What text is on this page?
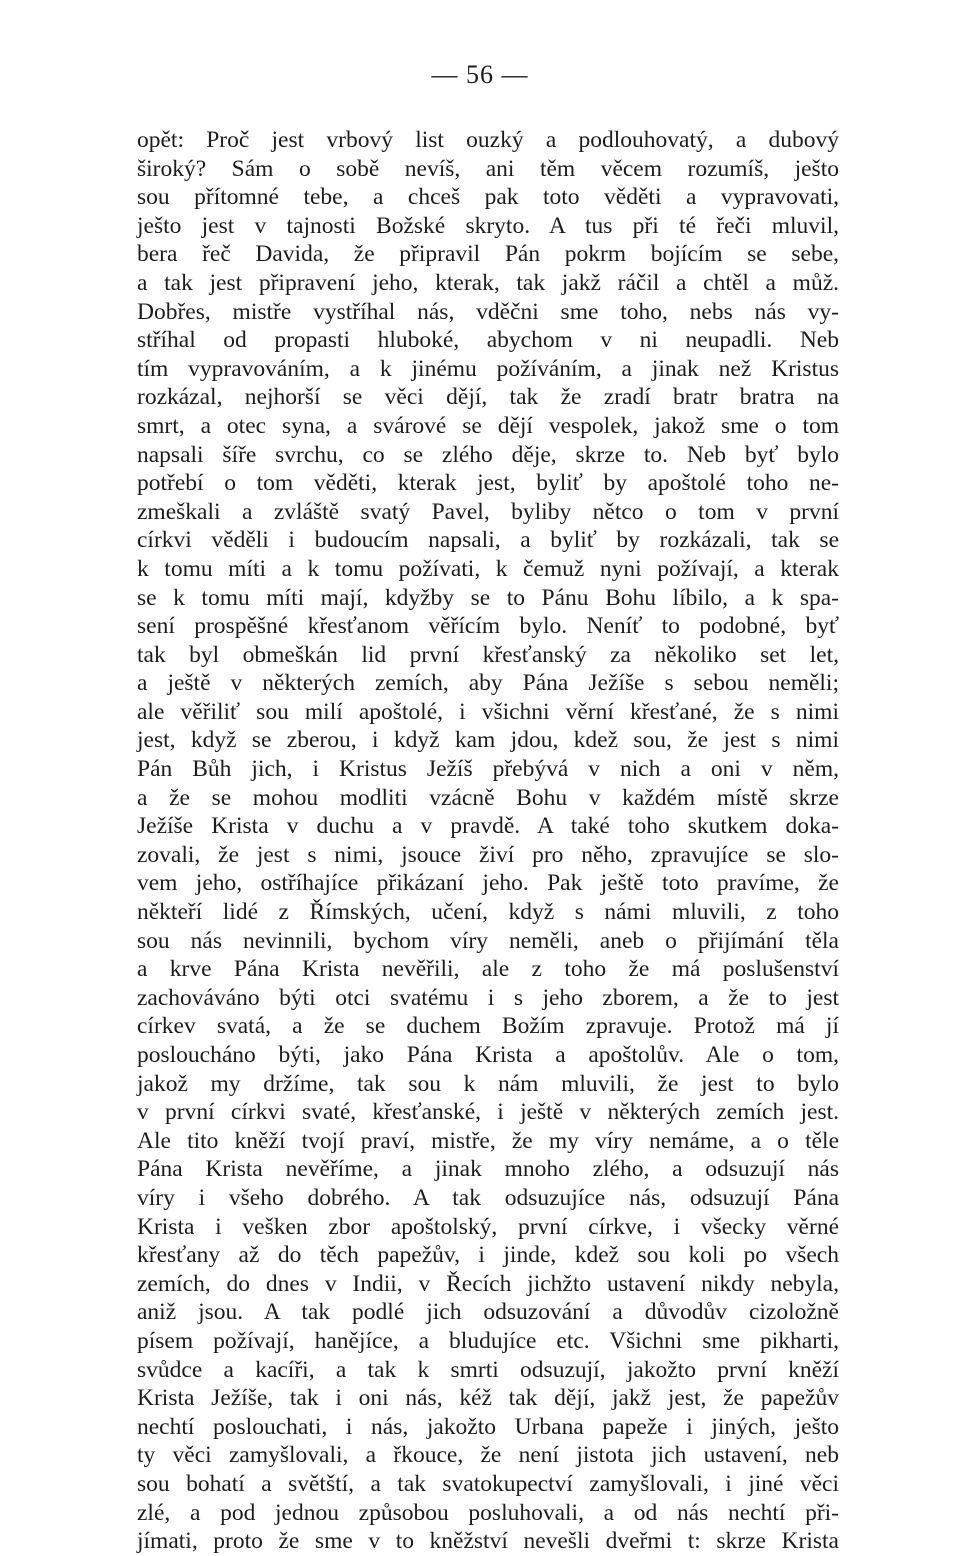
— 56 —
opět: Proč jest vrbový list ouzký a podlouhovatý, a dubový
široký? Sám o sobě nevíš, ani těm věcem rozumíš, ješto
sou přítomné tebe, a chceš pak toto věděti a vypravovati,
ješto jest v tajnosti Božské skryto. A tus při té řeči mluvil,
bera řeč Davida, že připravil Pán pokrm bojícím se sebe,
a tak jest připravení jeho, kterak, tak jakž ráčil a chtěl a můž.
Dobřes, mistře vystříhal nás, vděčni sme toho, nebs nás vy-
stříhal od propasti hluboké, abychom v ni neupadli. Neb
tím vypravováním, a k jinému požíváním, a jinak než Kristus
rozkázal, nejhorší se věci dějí, tak že zradí bratr bratra na
smrt, a otec syna, a svárové se dějí vespolek, jakož sme o tom
napsali šíře svrchu, co se zlého děje, skrze to. Neb byť bylo
potřebí o tom věděti, kterak jest, byliť by apoštolé toho ne-
zmeškali a zvláště svatý Pavel, byliby nětco o tom v první
církvi věděli i budoucím napsali, a byliť by rozkázali, tak se
k tomu míti a k tomu požívati, k čemuž nyni požívají, a kterak
se k tomu míti mají, kdyžby se to Pánu Bohu líbilo, a k spa-
sení prospěšné křesťanom věřícím bylo. Neníť to podobné, byť
tak byl obmeškán lid první křesťanský za několiko set let,
a ještě v některých zemích, aby Pána Ježíše s sebou neměli;
ale věřiliť sou milí apoštolé, i všichni věrní křesťané, že s nimi
jest, když se zberou, i když kam jdou, kdež sou, že jest s nimi
Pán Bůh jich, i Kristus Ježíš přebývá v nich a oni v něm,
a že se mohou modliti vzácně Bohu v každém místě skrze
Ježíše Krista v duchu a v pravdě. A také toho skutkem doka-
zovali, že jest s nimi, jsouce živí pro něho, zpravujíce se slo-
vem jeho, ostříhajíce přikázaní jeho. Pak ještě toto pravíme, že
někteří lidé z Římských, učení, když s námi mluvili, z toho
sou nás nevinnili, bychom víry neměli, aneb o přijímání těla
a krve Pána Krista nevěřili, ale z toho že má poslušenství
zachováváno býti otci svatému i s jeho zborem, a že to jest
církev svatá, a že se duchem Božím zpravuje. Protož má jí
posloucháno býti, jako Pána Krista a apoštolův. Ale o tom,
jakož my držíme, tak sou k nám mluvili, že jest to bylo
v první církvi svaté, křesťanské, i ještě v některých zemích jest.
Ale tito kněží tvojí praví, mistře, že my víry nemáme, a o těle
Pána Krista nevěříme, a jinak mnoho zlého, a odsuzují nás
víry i všeho dobrého. A tak odsuzujíce nás, odsuzují Pána
Krista i vešken zbor apoštolský, první církve, i všecky věrné
křesťany až do těch papežův, i jinde, kdež sou koli po všech
zemích, do dnes v Indii, v Řecích jichžto ustavení nikdy nebyla,
aniž jsou. A tak podlé jich odsuzování a důvodův cizoložně
písem požívají, hanějíce, a bludujíce etc. Všichni sme pikharti,
svůdce a kacíři, a tak k smrti odsuzují, jakožto první kněží
Krista Ježíše, tak i oni nás, kéž tak dějí, jakž jest, že papežův
nechtí poslouchati, i nás, jakožto Urbana papeže i jiných, ješto
ty věci zamyšlovali, a řkouce, že není jistota jich ustavení, neb
sou bohatí a světští, a tak svatokupectví zamyšlovali, i jiné věci
zlé, a pod jednou způsobou posluhovali, a od nás nechtí při-
jímati, proto že sme v to kněžství nevešli dveřmi t: skrze Krista
